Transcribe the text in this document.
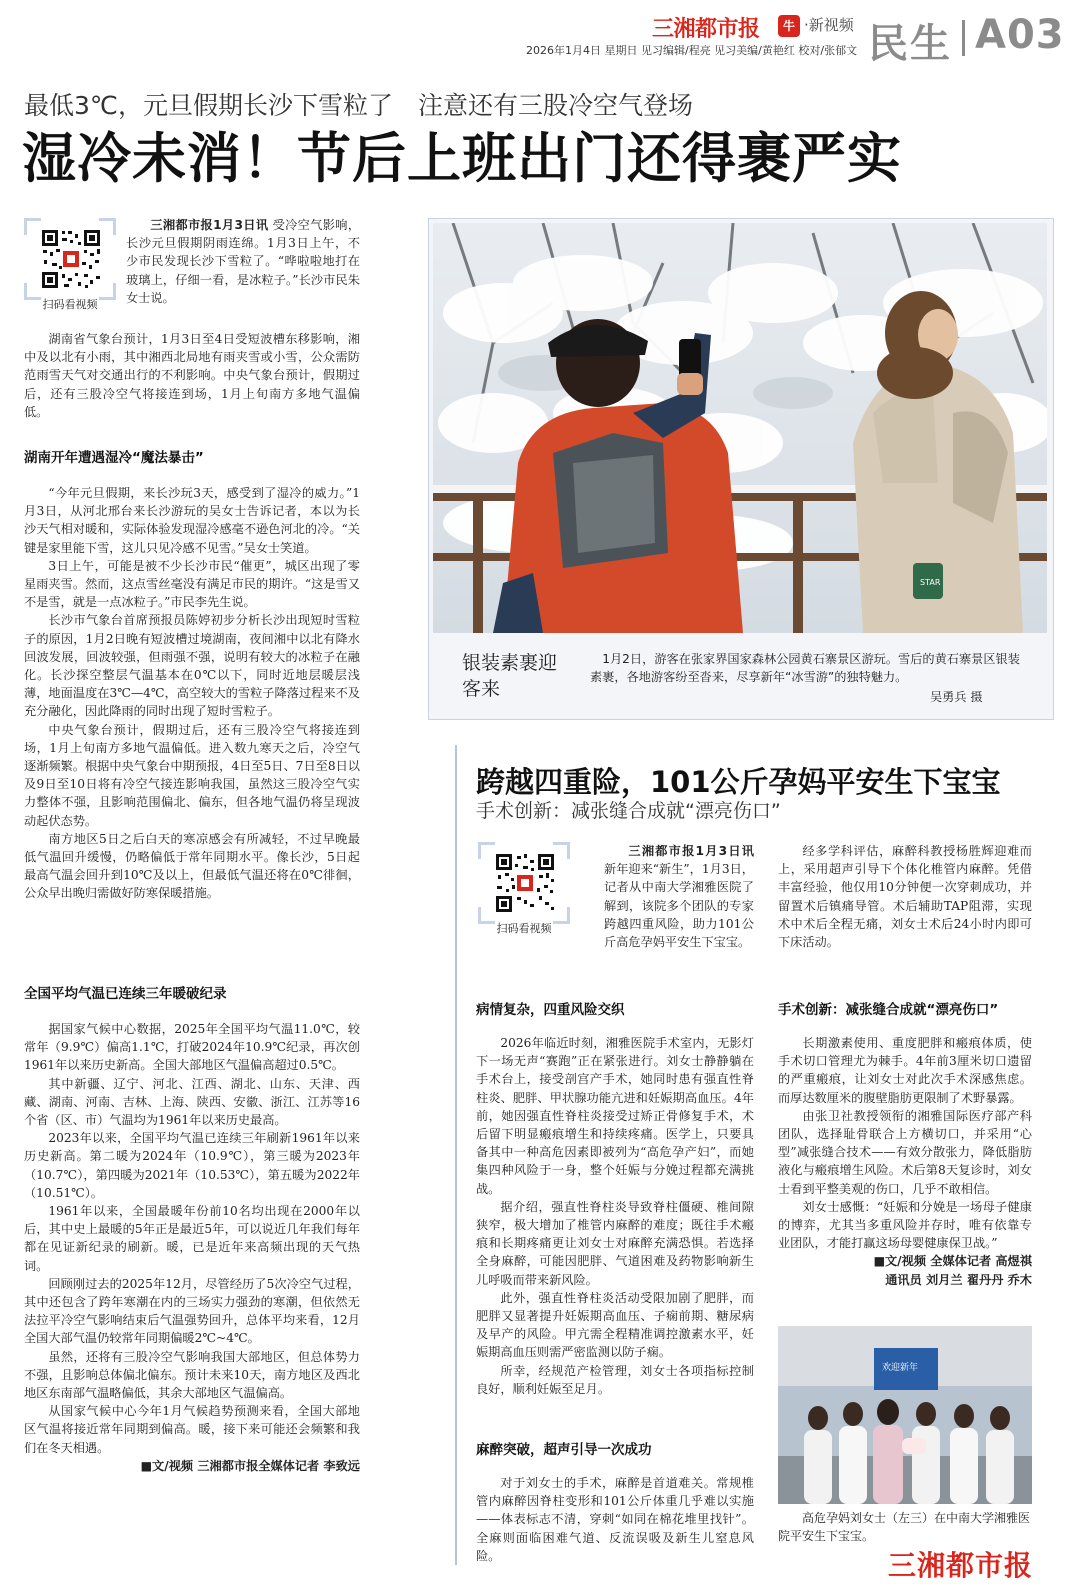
三湘都市报	牛 ·新视频
2026年1月4日 星期日 见习编辑/程亮 见习美编/黄艳红 校对/张郁文 民生 A03
最低3℃，元旦假期长沙下雪粒了　注意还有三股冷空气登场
湿冷未消！节后上班出门还得裹严实
扫码看视频

三湘都市报1月3日讯 受冷空气影响，长沙元旦假期阴雨连绵。1月3日上午，不少市民发现长沙下雪粒了。“哗啦啦地打在玻璃上，仔细一看，是冰粒子。”长沙市民朱女士说。

湖南省气象台预计，1月3日至4日受短波槽东移影响，湘中及以北有小雨，其中湘西北局地有雨夹雪或小雪，公众需防范雨雪天气对交通出行的不利影响。中央气象台预计，假期过后，还有三股冷空气将接连到场，1月上旬南方多地气温偏低。

湖南开年遭遇湿冷“魔法暴击”

“今年元旦假期，来长沙玩3天，感受到了湿冷的威力。”1月3日，从河北邢台来长沙游玩的吴女士告诉记者，本以为长沙天气相对暖和，实际体验发现湿冷感毫不逊色河北的冷。“关键是家里能下雪，这儿只见冷感不见雪。”吴女士笑道。

3日上午，可能是被不少长沙市民“催更”，城区出现了零星雨夹雪。然而，这点雪丝毫没有满足市民的期许。“这是雪又不是雪，就是一点冰粒子。”市民李先生说。

长沙市气象台首席预报员陈婷初步分析长沙出现短时雪粒子的原因，1月2日晚有短波槽过境湖南，夜间湘中以北有降水回波发展，回波较强，但雨强不强，说明有较大的冰粒子在融化。长沙探空整层气温基本在0℃以下，同时近地层暖层浅薄，地面温度在3℃—4℃，高空较大的雪粒子降落过程来不及充分融化，因此降雨的同时出现了短时雪粒子。

中央气象台预计，假期过后，还有三股冷空气将接连到场，1月上旬南方多地气温偏低。进入数九寒天之后，冷空气逐渐频繁。根据中央气象台中期预报，4日至5日、7日至8日以及9日至10日将有冷空气接连影响我国，虽然这三股冷空气实力整体不强，且影响范围偏北、偏东，但各地气温仍将呈现波动起伏态势。

南方地区5日之后白天的寒凉感会有所减轻，不过早晚最低气温回升缓慢，仍略偏低于常年同期水平。像长沙，5日起最高气温会回升到10℃及以上，但最低气温还将在0℃徘徊，公众早出晚归需做好防寒保暖措施。

全国平均气温已连续三年暖破纪录

据国家气候中心数据，2025年全国平均气温11.0℃，较常年（9.9℃）偏高1.1℃，打破2024年10.9℃纪录，再次创1961年以来历史新高。全国大部地区气温偏高超过0.5℃。

其中新疆、辽宁、河北、江西、湖北、山东、天津、西藏、湖南、河南、吉林、上海、陕西、安徽、浙江、江苏等16个省（区、市）气温均为1961年以来历史最高。

2023年以来，全国平均气温已连续三年刷新1961年以来历史新高。第二暖为2024年（10.9℃），第三暖为2023年（10.7℃），第四暖为2021年（10.53℃），第五暖为2022年（10.51℃）。

1961年以来，全国最暖年份前10名均出现在2000年以后，其中史上最暖的5年正是最近5年，可以说近几年我们每年都在见证新纪录的刷新。暖，已是近年来高频出现的天气热词。

回顾刚过去的2025年12月，尽管经历了5次冷空气过程，其中还包含了跨年寒潮在内的三场实力强劲的寒潮，但依然无法拉平冷空气影响结束后气温强势回升，总体平均来看，12月全国大部气温仍较常年同期偏暖2℃~4℃。

虽然，还将有三股冷空气影响我国大部地区，但总体势力不强，且影响总体偏北偏东。预计未来10天，南方地区及西北地区东南部气温略偏低，其余大部地区气温偏高。

从国家气候中心今年1月气候趋势预测来看，全国大部地区气温将接近常年同期到偏高。暖，接下来可能还会频繁和我们在冬天相遇。

■文/视频 三湘都市报全媒体记者 李致远

STAR
银装素裹迎客来
1月2日，游客在张家界国家森林公园黄石寨景区游玩。雪后的黄石寨景区银装素裹，各地游客纷至沓来，尽享新年“冰雪游”的独特魅力。
吴勇兵 摄
跨越四重险，101公斤孕妈平安生下宝宝
手术创新：减张缝合成就“漂亮伤口”
扫码看视频

三湘都市报1月3日讯 新年迎来“新生”，1月3日，记者从中南大学湘雅医院了解到，该院多个团队的专家跨越四重风险，助力101公斤高危孕妈平安生下宝宝。

病情复杂，四重风险交织

2026年临近时刻，湘雅医院手术室内，无影灯下一场无声“赛跑”正在紧张进行。刘女士静静躺在手术台上，接受剖宫产手术，她同时患有强直性脊柱炎、肥胖、甲状腺功能亢进和妊娠期高血压。4年前，她因强直性脊柱炎接受过矫正骨修复手术，术后留下明显瘢痕增生和持续疼痛。医学上，只要具备其中一种高危因素即被列为“高危孕产妇”，而她集四种风险于一身，整个妊娠与分娩过程都充满挑战。

据介绍，强直性脊柱炎导致脊柱僵硬、椎间隙狭窄，极大增加了椎管内麻醉的难度；既往手术瘢痕和长期疼痛更让刘女士对麻醉充满恐惧。若选择全身麻醉，可能因肥胖、气道困难及药物影响新生儿呼吸而带来新风险。

此外，强直性脊柱炎活动受限加剧了肥胖，而肥胖又显著提升妊娠期高血压、子痫前期、糖尿病及早产的风险。甲亢需全程精准调控激素水平，妊娠期高血压则需严密监测以防子痫。

所幸，经规范产检管理，刘女士各项指标控制良好，顺利妊娠至足月。

麻醉突破，超声引导一次成功

对于刘女士的手术，麻醉是首道难关。常规椎管内麻醉因脊柱变形和101公斤体重几乎难以实施——体表标志不清，穿刺“如同在棉花堆里找针”。全麻则面临困难气道、反流误吸及新生儿窒息风险。

经多学科评估，麻醉科教授杨胜辉迎难而上，采用超声引导下个体化椎管内麻醉。凭借丰富经验，他仅用10分钟便一次穿刺成功，并留置术后镇痛导管。术后辅助TAP阻滞，实现术中术后全程无痛，刘女士术后24小时内即可下床活动。

手术创新：减张缝合成就“漂亮伤口”

长期激素使用、重度肥胖和瘢痕体质，使手术切口管理尤为棘手。4年前3厘米切口遗留的严重瘢痕，让刘女士对此次手术深感焦虑。而厚达数厘米的腹壁脂肪更限制了术野暴露。

由张卫社教授领衔的湘雅国际医疗部产科团队，选择耻骨联合上方横切口，并采用“心型”减张缝合技术——有效分散张力，降低脂肪液化与瘢痕增生风险。术后第8天复诊时，刘女士看到平整美观的伤口，几乎不敢相信。

刘女士感慨：“妊娠和分娩是一场母子健康的博弈，尤其当多重风险并存时，唯有依靠专业团队，才能打赢这场母婴健康保卫战。”

■文/视频 全媒体记者 高煜祺

通讯员 刘月兰 翟丹丹 乔木

欢迎新年
高危孕妈刘女士（左三）在中南大学湘雅医院平安生下宝宝。
三湘都市报
